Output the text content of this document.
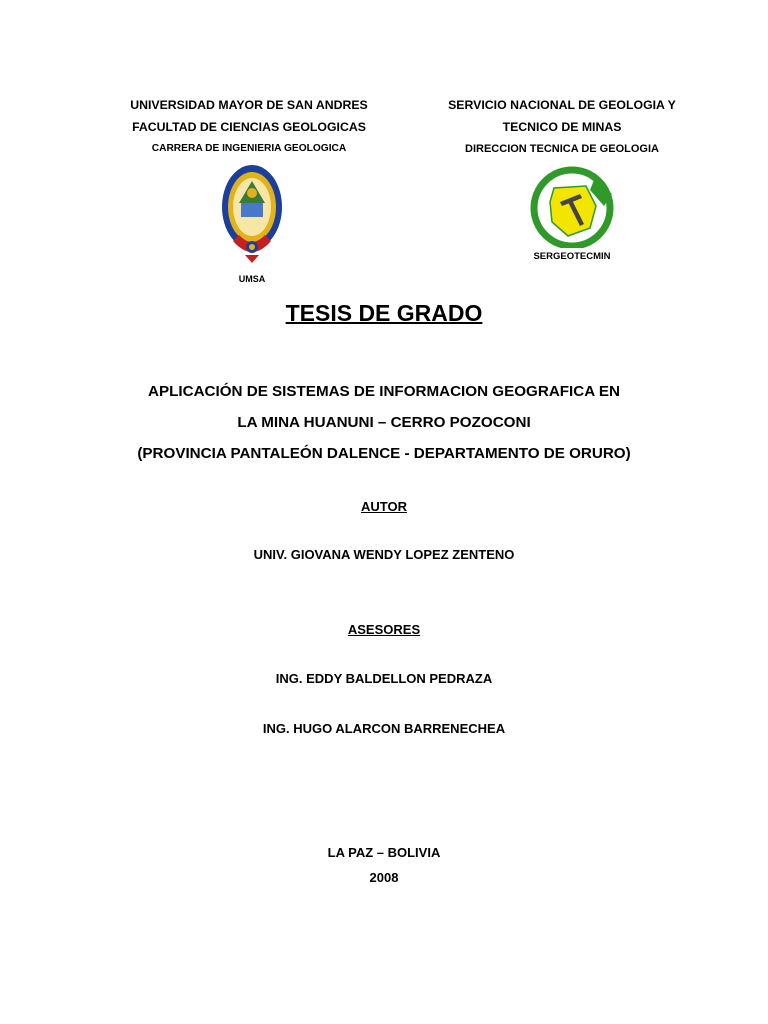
UNIVERSIDAD MAYOR DE SAN ANDRES
FACULTAD DE CIENCIAS GEOLOGICAS
CARRERA DE INGENIERIA GEOLOGICA
SERVICIO NACIONAL DE GEOLOGIA Y
TECNICO DE MINAS
DIRECCION TECNICA DE GEOLOGIA
UMSA
SERGEOTECMIN
TESIS DE GRADO
APLICACIÓN DE SISTEMAS DE INFORMACION GEOGRAFICA EN
LA MINA HUANUNI – CERRO POZOCONI
(PROVINCIA PANTALEÓN DALENCE - DEPARTAMENTO DE ORURO)
AUTOR
UNIV. GIOVANA WENDY LOPEZ ZENTENO
ASESORES
ING. EDDY BALDELLON PEDRAZA
ING. HUGO ALARCON BARRENECHEA
LA PAZ – BOLIVIA
2008
